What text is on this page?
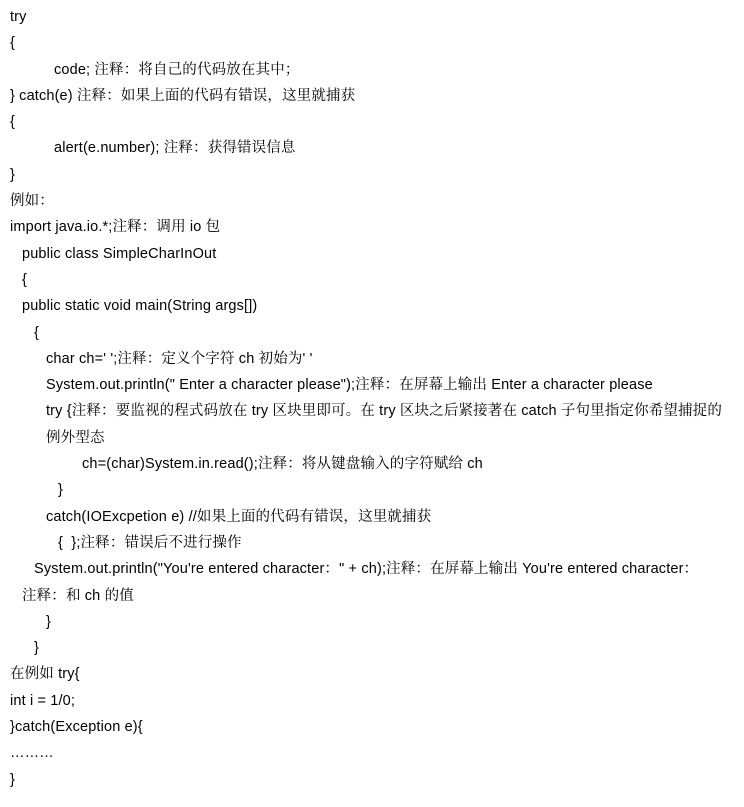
try
{
code; 注释：将自己的代码放在其中；
} catch(e) 注释：如果上面的代码有错误，这里就捕获
{
alert(e.number); 注释：获得错误信息
}
例如：
import java.io.*;注释：调用 io 包
public class SimpleCharInOut
{
public static void main(String args[])
{
char ch=' ';注释：定义个字符 ch 初始为' '
System.out.println(" Enter a character please");注释：在屏幕上输出 Enter a character please
try {注释：要监视的程式码放在 try 区块里即可。在 try 区块之后紧接著在 catch 子句里指定你希望捕捉的例外型态
ch=(char)System.in.read();注释：将从键盘输入的字符赋给 ch
}
catch(IOExcpetion e) //如果上面的代码有错误，这里就捕获
{  };注释：错误后不进行操作
System.out.println("You're entered character：" + ch);注释：在屏幕上输出 You're entered character：
注释：和 ch 的值
}
}
在例如 try{
int i = 1/0;
}catch(Exception e){
………
}
